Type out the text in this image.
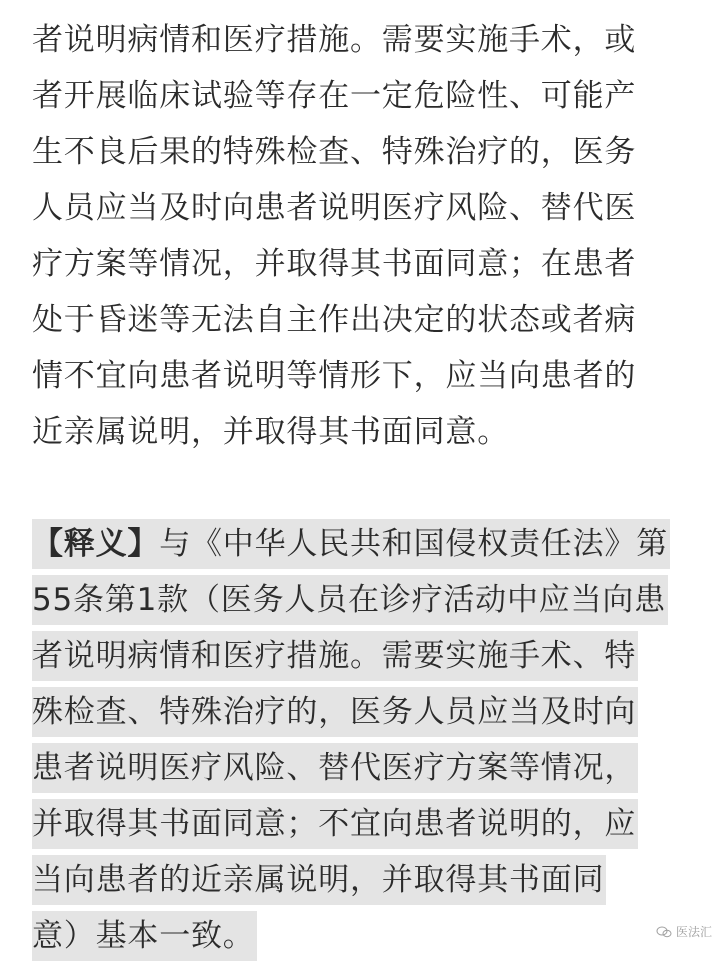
者说明病情和医疗措施。需要实施手术，或
者开展临床试验等存在一定危险性、可能产
生不良后果的特殊检查、特殊治疗的，医务
人员应当及时向患者说明医疗风险、替代医
疗方案等情况，并取得其书面同意；在患者
处于昏迷等无法自主作出决定的状态或者病
情不宜向患者说明等情形下，应当向患者的
近亲属说明，并取得其书面同意。
【释义】与《中华人民共和国侵权责任法》第
55条第1款（医务人员在诊疗活动中应当向患
者说明病情和医疗措施。需要实施手术、特
殊检查、特殊治疗的，医务人员应当及时向
患者说明医疗风险、替代医疗方案等情况，
并取得其书面同意；不宜向患者说明的，应
当向患者的近亲属说明，并取得其书面同
意）基本一致。	医法汇
